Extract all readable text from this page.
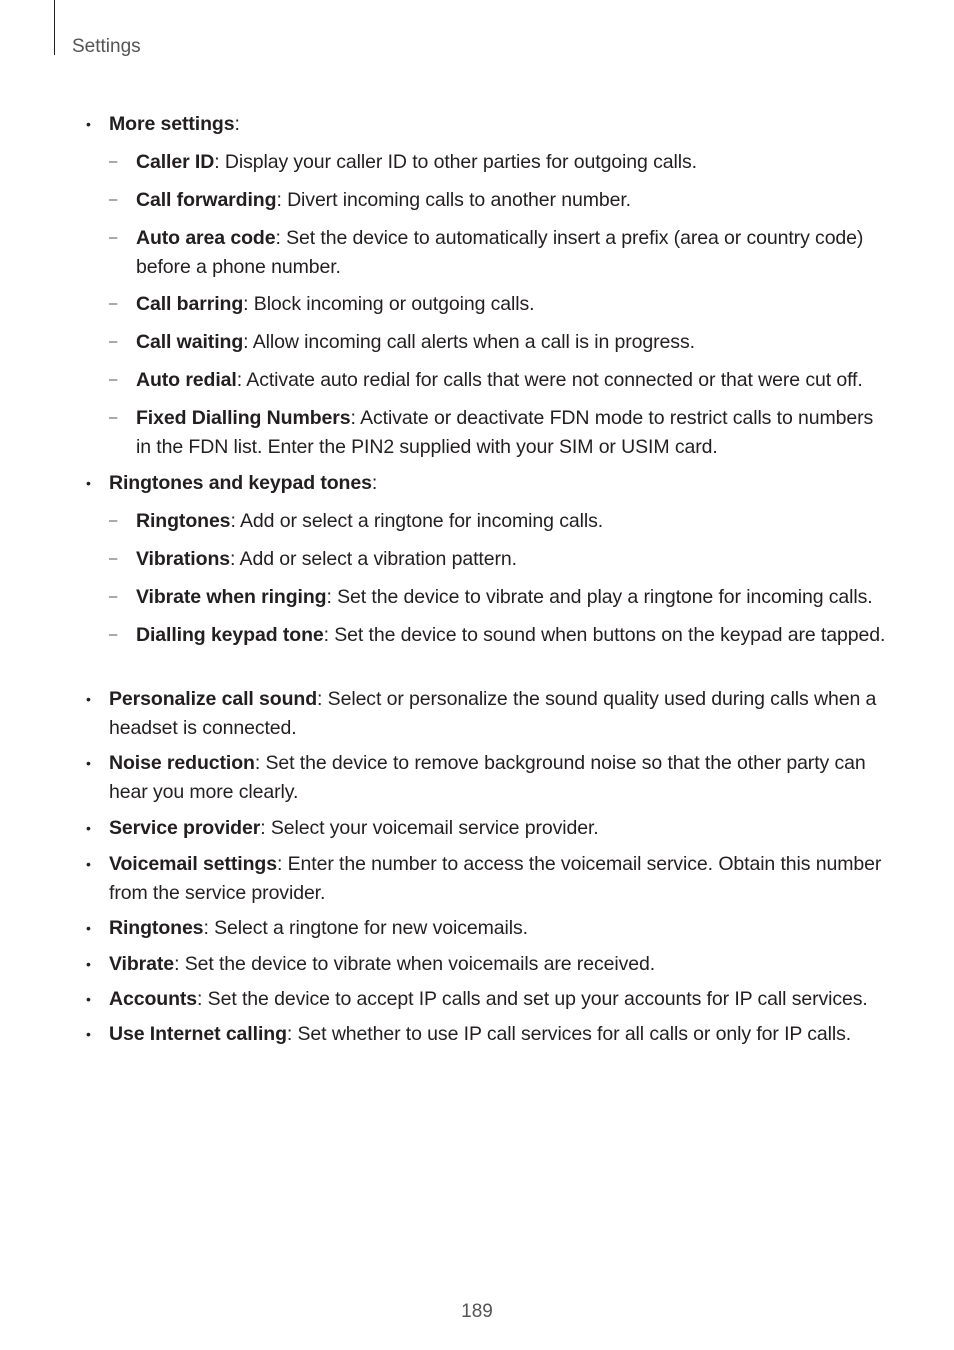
Settings
• More settings:
– Caller ID: Display your caller ID to other parties for outgoing calls.
– Call forwarding: Divert incoming calls to another number.
– Auto area code: Set the device to automatically insert a prefix (area or country code) before a phone number.
– Call barring: Block incoming or outgoing calls.
– Call waiting: Allow incoming call alerts when a call is in progress.
– Auto redial: Activate auto redial for calls that were not connected or that were cut off.
– Fixed Dialling Numbers: Activate or deactivate FDN mode to restrict calls to numbers in the FDN list. Enter the PIN2 supplied with your SIM or USIM card.
• Ringtones and keypad tones:
– Ringtones: Add or select a ringtone for incoming calls.
– Vibrations: Add or select a vibration pattern.
– Vibrate when ringing: Set the device to vibrate and play a ringtone for incoming calls.
– Dialling keypad tone: Set the device to sound when buttons on the keypad are tapped.
• Personalize call sound: Select or personalize the sound quality used during calls when a headset is connected.
• Noise reduction: Set the device to remove background noise so that the other party can hear you more clearly.
• Service provider: Select your voicemail service provider.
• Voicemail settings: Enter the number to access the voicemail service. Obtain this number from the service provider.
• Ringtones: Select a ringtone for new voicemails.
• Vibrate: Set the device to vibrate when voicemails are received.
• Accounts: Set the device to accept IP calls and set up your accounts for IP call services.
• Use Internet calling: Set whether to use IP call services for all calls or only for IP calls.
189
